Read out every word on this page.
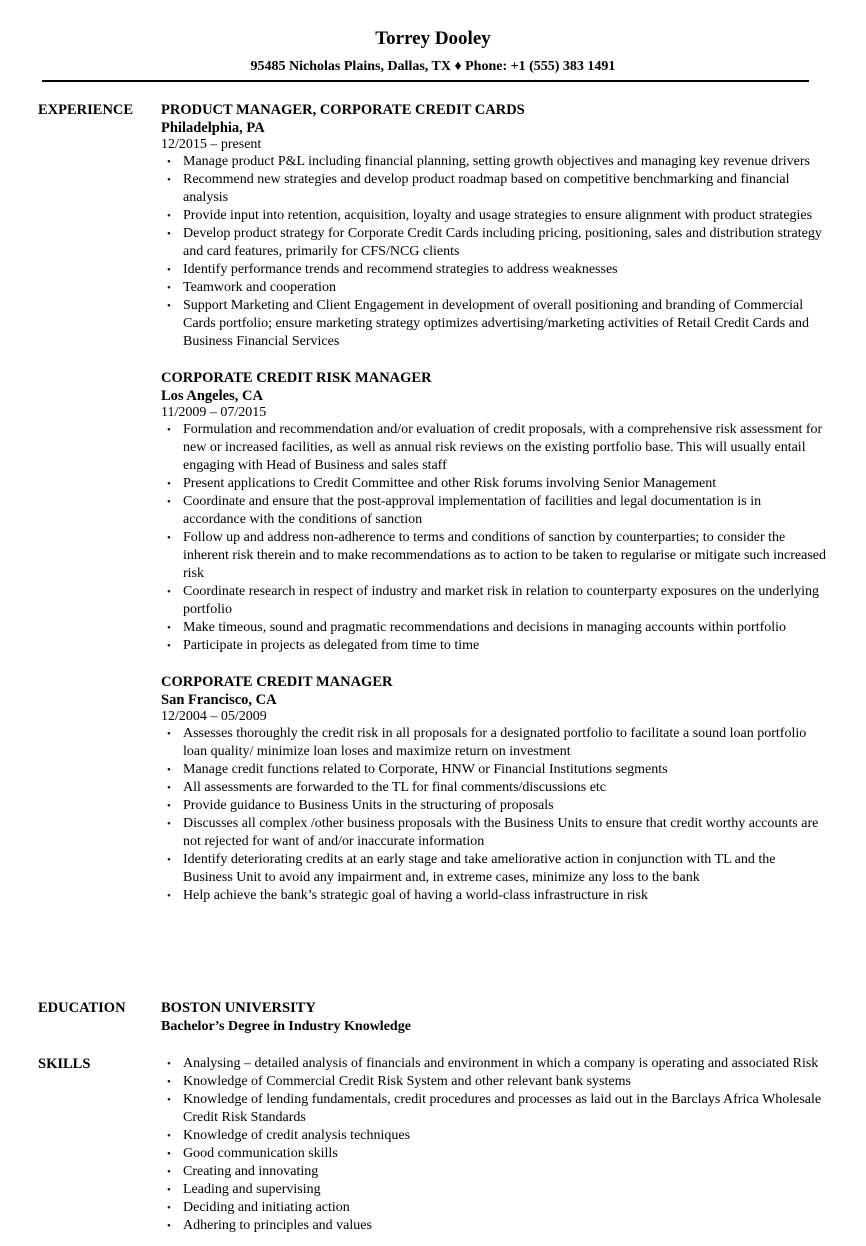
Torrey Dooley
95485 Nicholas Plains, Dallas, TX ♦ Phone: +1 (555) 383 1491
EXPERIENCE PRODUCT MANAGER, CORPORATE CREDIT CARDS
Philadelphia, PA
12/2015 – present
• Manage product P&L including financial planning, setting growth objectives and managing key revenue drivers
• Recommend new strategies and develop product roadmap based on competitive benchmarking and financial analysis
• Provide input into retention, acquisition, loyalty and usage strategies to ensure alignment with product strategies
• Develop product strategy for Corporate Credit Cards including pricing, positioning, sales and distribution strategy and card features, primarily for CFS/NCG clients
• Identify performance trends and recommend strategies to address weaknesses
• Teamwork and cooperation
• Support Marketing and Client Engagement in development of overall positioning and branding of Commercial Cards portfolio; ensure marketing strategy optimizes advertising/marketing activities of Retail Credit Cards and Business Financial Services
CORPORATE CREDIT RISK MANAGER
Los Angeles, CA
11/2009 – 07/2015
• Formulation and recommendation and/or evaluation of credit proposals, with a comprehensive risk assessment for new or increased facilities, as well as annual risk reviews on the existing portfolio base. This will usually entail engaging with Head of Business and sales staff
• Present applications to Credit Committee and other Risk forums involving Senior Management
• Coordinate and ensure that the post-approval implementation of facilities and legal documentation is in accordance with the conditions of sanction
• Follow up and address non-adherence to terms and conditions of sanction by counterparties; to consider the inherent risk therein and to make recommendations as to action to be taken to regularise or mitigate such increased risk
• Coordinate research in respect of industry and market risk in relation to counterparty exposures on the underlying portfolio
• Make timeous, sound and pragmatic recommendations and decisions in managing accounts within portfolio
• Participate in projects as delegated from time to time
CORPORATE CREDIT MANAGER
San Francisco, CA
12/2004 – 05/2009
• Assesses thoroughly the credit risk in all proposals for a designated portfolio to facilitate a sound loan portfolio loan quality/ minimize loan loses and maximize return on investment
• Manage credit functions related to Corporate, HNW or Financial Institutions segments
• All assessments are forwarded to the TL for final comments/discussions etc
• Provide guidance to Business Units in the structuring of proposals
• Discusses all complex /other business proposals with the Business Units to ensure that credit worthy accounts are not rejected for want of and/or inaccurate information
• Identify deteriorating credits at an early stage and take ameliorative action in conjunction with TL and the Business Unit to avoid any impairment and, in extreme cases, minimize any loss to the bank
• Help achieve the bank’s strategic goal of having a world-class infrastructure in risk
EDUCATION BOSTON UNIVERSITY
Bachelor’s Degree in Industry Knowledge
SKILLS	• Analysing – detailed analysis of financials and environment in which a company is operating and associated Risk
• Knowledge of Commercial Credit Risk System and other relevant bank systems
• Knowledge of lending fundamentals, credit procedures and processes as laid out in the Barclays Africa Wholesale Credit Risk Standards
• Knowledge of credit analysis techniques
• Good communication skills
• Creating and innovating
• Leading and supervising
• Deciding and initiating action
• Adhering to principles and values
